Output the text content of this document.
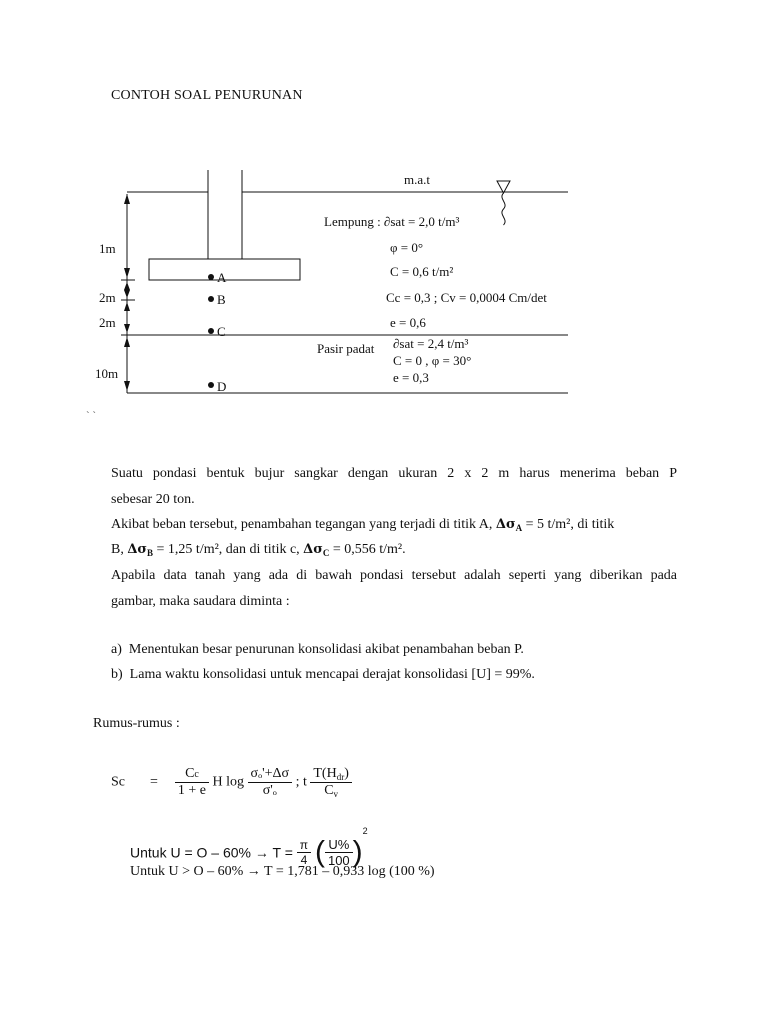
CONTOH SOAL PENURUNAN
m.a.t
1m
2m
2m
10m
A
B
C
D
Lempung : ∂sat = 2,0 t/m³
φ = 0°
C = 0,6 t/m²
Cc = 0,3 ; Cv = 0,0004 Cm/det
e = 0,6
Pasir padat ∂sat = 2,4 t/m³
C = 0 , φ = 30°
e = 0,3
` `
Suatu pondasi bentuk bujur sangkar dengan ukuran 2 x 2 m harus menerima beban P
sebesar 20 ton.
Akibat beban tersebut, penambahan tegangan yang terjadi di titik A, $\Delta\sigma_A = 5$ t/m², di titik
B, $\Delta\sigma_B = 1,25$ t/m², dan di titik c, $\Delta\sigma_C = 0,556$ t/m².
Apabila data tanah yang ada di bawah pondasi tersebut adalah seperti yang diberikan pada
gambar, maka saudara diminta :
a) Menentukan besar penurunan konsolidasi akibat penambahan beban P.
b) Lama waktu konsolidasi untuk mencapai derajat konsolidasi [U] = 99%.
Rumus-rumus :
$Sc = \frac{Cc}{1 + e}$ H $\log \frac{\text{σₒ'+Δσ}}{\text{σ'ₒ}}$ ; t $\frac{T(H_{dr})}{C_v}$
Untuk $U = O - 60\% \to T = \frac{\pi}{4}$ ( $\frac{U\%}{100} )^2$
Untuk U > O – 60% → T = 1,781 – 0,933 log (100 %)
